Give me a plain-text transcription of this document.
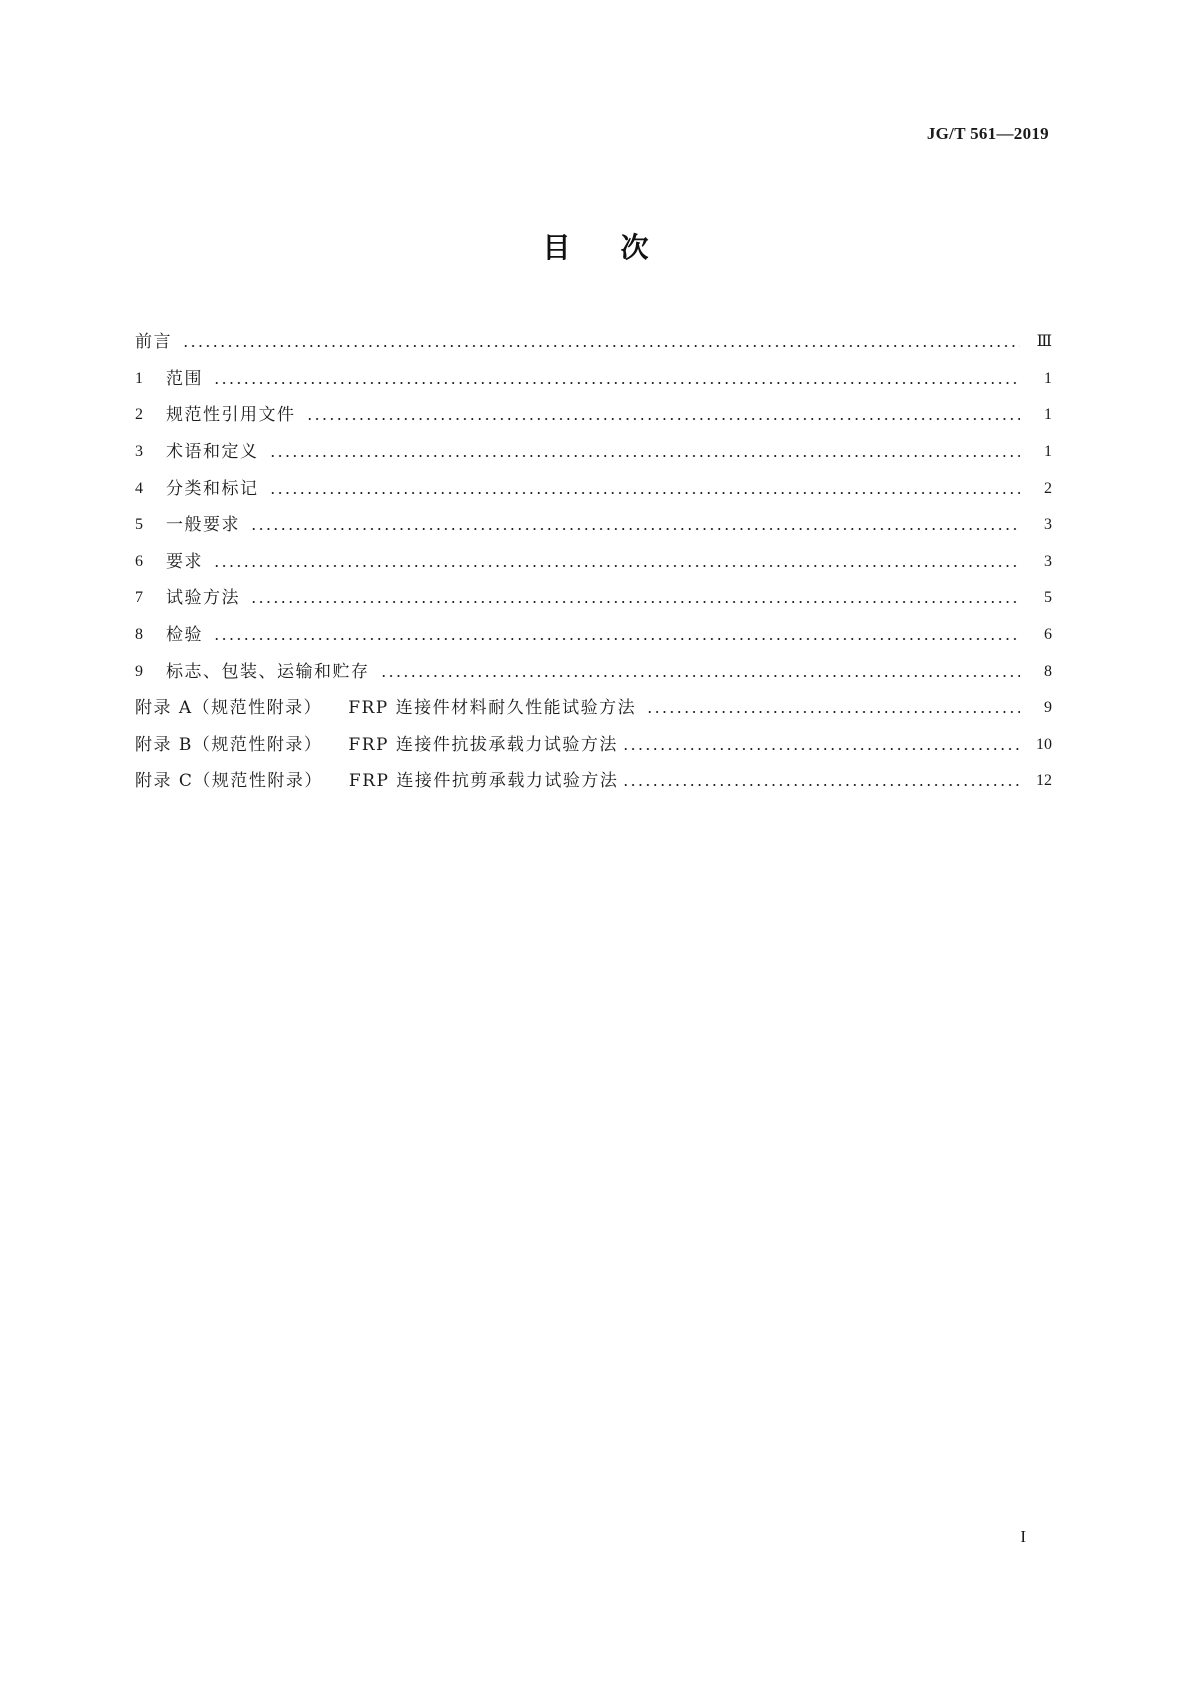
JG/T 561—2019
目次
前言	Ⅲ
1	范围	1
2	规范性引用文件	1
3	术语和定义	1
4	分类和标记	2
5	一般要求	3
6	要求	3
7	试验方法	5
8	检验	6
9	标志、包装、运输和贮存	8
附录 A（规范性附录） FRP 连接件材料耐久性能试验方法	9
附录 B（规范性附录） FRP 连接件抗拔承载力试验方法	10
附录 C（规范性附录） FRP 连接件抗剪承载力试验方法	12
I
